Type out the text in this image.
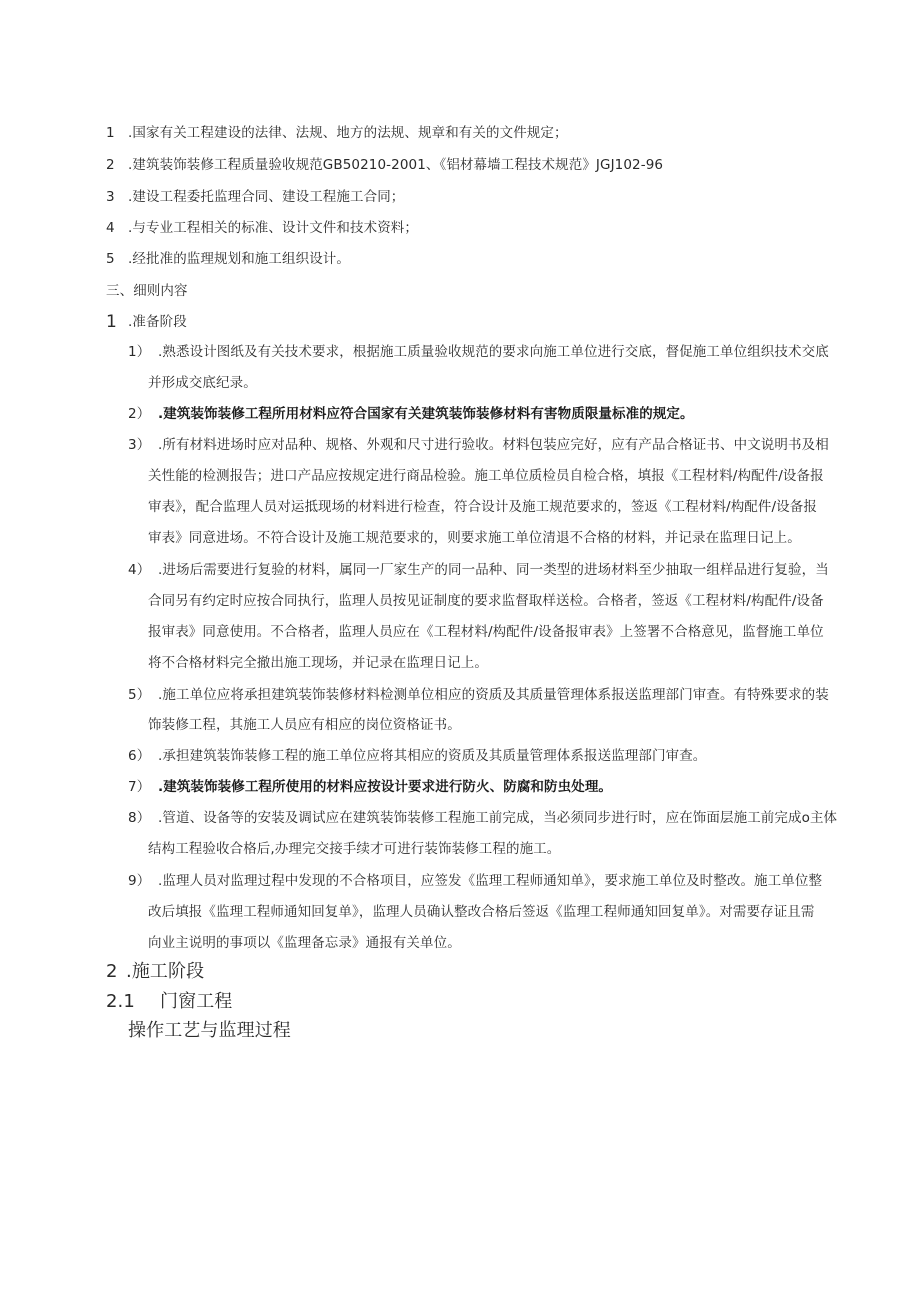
1 .国家有关工程建设的法律、法规、地方的法规、规章和有关的文件规定；
2 .建筑装饰装修工程质量验收规范GB50210-2001、《铝材幕墙工程技术规范》JGJ102-96
3 .建设工程委托监理合同、建设工程施工合同；
4 .与专业工程相关的标准、设计文件和技术资料；
5 .经批准的监理规划和施工组织设计。
三、细则内容
1 .准备阶段
1） .熟悉设计图纸及有关技术要求，根据施工质量验收规范的要求向施工单位进行交底，督促施工单位组织技术交底
并形成交底纪录。
2） .建筑装饰装修工程所用材料应符合国家有关建筑装饰装修材料有害物质限量标准的规定。
3） .所有材料进场时应对品种、规格、外观和尺寸进行验收。材料包装应完好，应有产品合格证书、中文说明书及相
关性能的检测报告；进口产品应按规定进行商品检验。施工单位质检员自检合格，填报《工程材料/构配件/设备报
审表》，配合监理人员对运抵现场的材料进行检查，符合设计及施工规范要求的，签返《工程材料/构配件/设备报
审表》同意进场。不符合设计及施工规范要求的，则要求施工单位清退不合格的材料，并记录在监理日记上。
4） .进场后需要进行复验的材料，属同一厂家生产的同一品种、同一类型的进场材料至少抽取一组样品进行复验，当
合同另有约定时应按合同执行，监理人员按见证制度的要求监督取样送检。合格者，签返《工程材料/构配件/设备
报审表》同意使用。不合格者，监理人员应在《工程材料/构配件/设备报审表》上签署不合格意见，监督施工单位
将不合格材料完全撤出施工现场，并记录在监理日记上。
5） .施工单位应将承担建筑装饰装修材料检测单位相应的资质及其质量管理体系报送监理部门审查。有特殊要求的装
饰装修工程，其施工人员应有相应的岗位资格证书。
6） .承担建筑装饰装修工程的施工单位应将其相应的资质及其质量管理体系报送监理部门审查。
7） .建筑装饰装修工程所使用的材料应按设计要求进行防火、防腐和防虫处理。
8） .管道、设备等的安装及调试应在建筑装饰装修工程施工前完成，当必须同步进行时，应在饰面层施工前完成o主体
结构工程验收合格后,办理完交接手续才可进行装饰装修工程的施工。
9） .监理人员对监理过程中发现的不合格项目，应签发《监理工程师通知单》，要求施工单位及时整改。施工单位整
改后填报《监理工程师通知回复单》，监理人员确认整改合格后签返《监理工程师通知回复单》。对需要存证且需
向业主说明的事项以《监理备忘录》通报有关单位。
2 .施工阶段
2.1 门窗工程
操作工艺与监理过程
